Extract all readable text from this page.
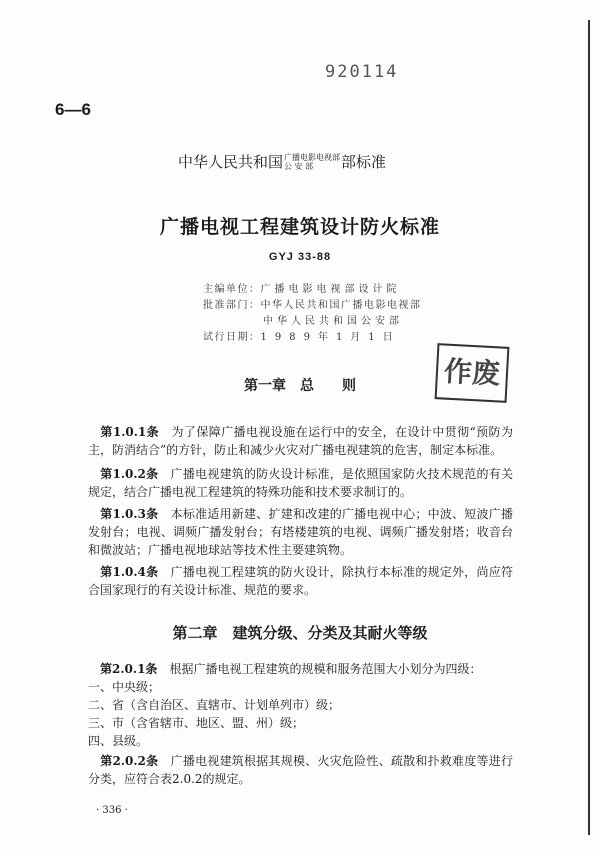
920114
6—6
中华人民共和国 广播电影电视部
公 安 部	部标准
广播电视工程建筑设计防火标准
GYJ 33-88
主编单位：广播电影电视部设计院
批准部门：中华人民共和国广播电影电视部
中华人民共和国公安部
试行日期：1989年1月1日
作废
第一章　总　　则
　第1.0.1条　 为了保障广播电视设施在运行中的安全，在设计中贯彻“预防为主，防消结合”的方针，防止和减少火灾对广播电视建筑的危害，制定本标准。
　第1.0.2条　 广播电视建筑的防火设计标准，是依照国家防火技术规范的有关规定，结合广播电视工程建筑的特殊功能和技术要求制订的。
　第1.0.3条　 本标准适用新建、扩建和改建的广播电视中心；中波、短波广播发射台；电视、调频广播发射台；有塔楼建筑的电视、调频广播发射塔；收音台和微波站；广播电视地球站等技术性主要建筑物。
　第1.0.4条　 广播电视工程建筑的防火设计，除执行本标准的规定外，尚应符合国家现行的有关设计标准、规范的要求。
第二章　建筑分级、分类及其耐火等级
　第2.0.1条　 根据广播电视工程建筑的规模和服务范围大小划分为四级：
一、中央级；
二、省（含自治区、直辖市、计划单列市）级；
三、市（含省辖市、地区、盟、州）级；
四、县级。
　第2.0.2条　 广播电视建筑根据其规模、火灾危险性、疏散和扑救难度等进行分类，应符合表2.0.2的规定。
· 336 ·
